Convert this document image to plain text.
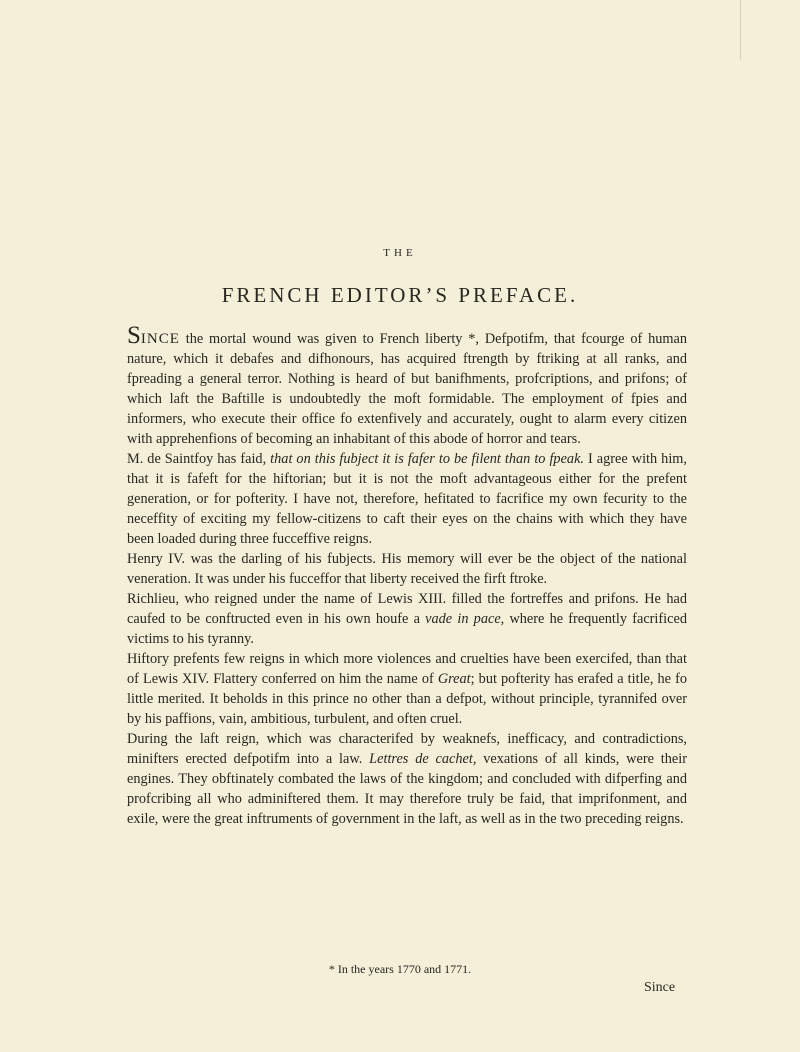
THE
FRENCH EDITOR’S PREFACE.

SINCE the mortal wound was given to French liberty *, Defpotifm, that fcourge of human nature, which it debafes and difhonours, has acquired ftrength by ftriking at all ranks, and fpreading a general terror. Nothing is heard of but banifhments, profcriptions, and prifons; of which laft the Baftille is undoubtedly the moft formidable. The employment of fpies and informers, who execute their office fo extenfively and accurately, ought to alarm every citizen with apprehenfions of becoming an inhabitant of this abode of horror and tears.

M. de Saintfoy has faid, that on this fubject it is fafer to be filent than to fpeak. I agree with him, that it is fafeft for the hiftorian; but it is not the moft advantageous either for the prefent generation, or for pofterity. I have not, therefore, hefitated to facrifice my own fecurity to the neceffity of exciting my fellow-citizens to caft their eyes on the chains with which they have been loaded during three fucceffive reigns.

Henry IV. was the darling of his fubjects. His memory will ever be the object of the national veneration. It was under his fucceffor that liberty received the firft ftroke.

Richlieu, who reigned under the name of Lewis XIII. filled the fortreffes and prifons. He had caufed to be conftructed even in his own houfe a vade in pace, where he frequently facrificed victims to his tyranny.

Hiftory prefents few reigns in which more violences and cruelties have been exercifed, than that of Lewis XIV. Flattery conferred on him the name of Great; but pofterity has erafed a title, he fo little merited. It beholds in this prince no other than a defpot, without principle, tyrannifed over by his paffions, vain, ambitious, turbulent, and often cruel.

During the laft reign, which was characterifed by weaknefs, inefficacy, and contradictions, minifters erected defpotifm into a law. Lettres de cachet, vexations of all kinds, were their engines. They obftinately combated the laws of the kingdom; and concluded with difperfing and profcribing all who adminiftered them. It may therefore truly be faid, that imprifonment, and exile, were the great inftruments of government in the laft, as well as in the two preceding reigns.

* In the years 1770 and 1771.
Since
